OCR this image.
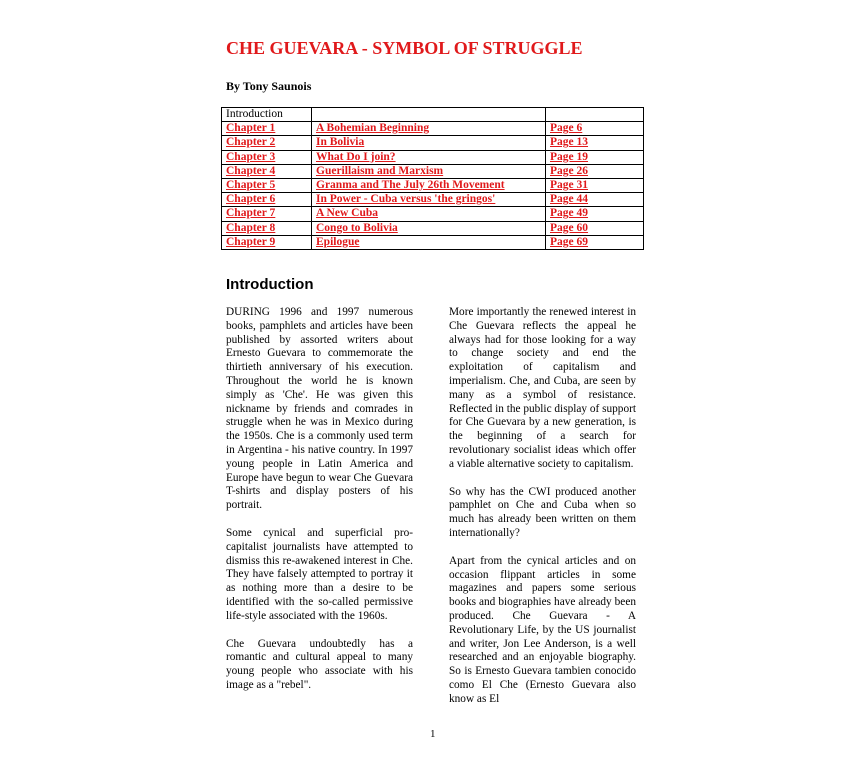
CHE GUEVARA - SYMBOL OF STRUGGLE
By Tony Saunois
Introduction		
Chapter 1	A Bohemian Beginning	Page 6
Chapter 2	In Bolivia	Page 13
Chapter 3	What Do I join?	Page 19
Chapter 4	Guerillaism and Marxism	Page 26
Chapter 5	Granma and The July 26th Movement	Page 31
Chapter 6	In Power - Cuba versus 'the gringos'	Page 44
Chapter 7	A New Cuba	Page 49
Chapter 8	Congo to Bolivia	Page 60
Chapter 9	Epilogue	Page 69
Introduction

DURING 1996 and 1997 numerous books, pamphlets and articles have been published by assorted writers about Ernesto Guevara to commemorate the thirtieth anniversary of his execution. Throughout the world he is known simply as 'Che'. He was given this nickname by friends and comrades in struggle when he was in Mexico during the 1950s. Che is a commonly used term in Argentina - his native country. In 1997 young people in Latin America and Europe have begun to wear Che Guevara T-shirts and display posters of his portrait.

Some cynical and superficial pro-capitalist journalists have attempted to dismiss this re-awakened interest in Che. They have falsely attempted to portray it as nothing more than a desire to be identified with the so-called permissive life-style associated with the 1960s.

Che Guevara undoubtedly has a romantic and cultural appeal to many young people who associate with his image as a "rebel".

More importantly the renewed interest in Che Guevara reflects the appeal he always had for those looking for a way to change society and end the exploitation of capitalism and imperialism. Che, and Cuba, are seen by many as a symbol of resistance. Reflected in the public display of support for Che Guevara by a new generation, is the beginning of a search for revolutionary socialist ideas which offer a viable alternative society to capitalism.

So why has the CWI produced another pamphlet on Che and Cuba when so much has already been written on them internationally?

Apart from the cynical articles and on occasion flippant articles in some magazines and papers some serious books and biographies have already been produced. Che Guevara - A Revolutionary Life, by the US journalist and writer, Jon Lee Anderson, is a well researched and an enjoyable biography. So is Ernesto Guevara tambien conocido como El Che (Ernesto Guevara also know as El

1
